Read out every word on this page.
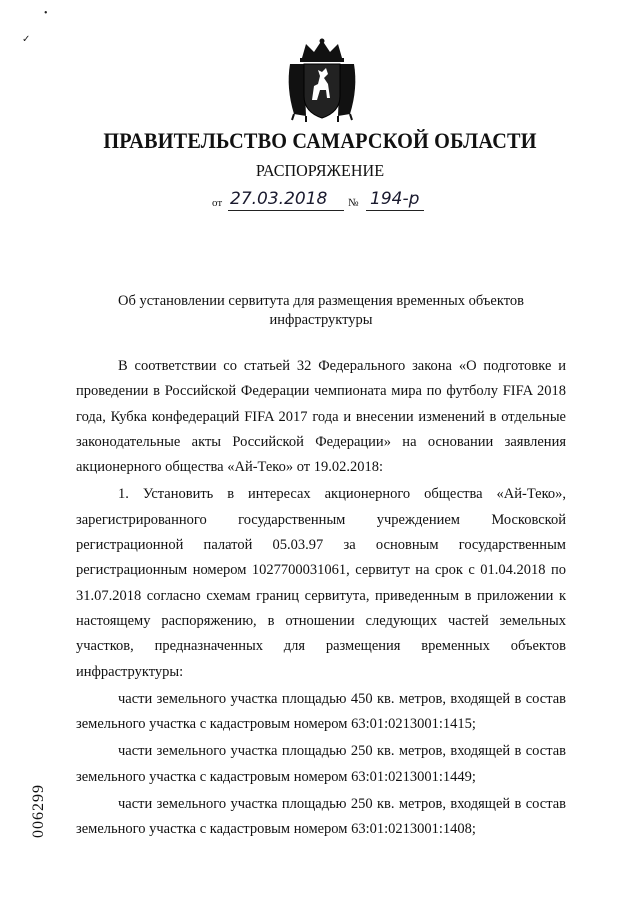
•
✓
ПРАВИТЕЛЬСТВО САМАРСКОЙ ОБЛАСТИ
РАСПОРЯЖЕНИЕ
от 27.03.2018 № 194-р
Об установлении сервитута для размещения временных объектов инфраструктуры

В соответствии со статьей 32 Федерального закона «О подготовке и проведении в Российской Федерации чемпионата мира по футболу FIFA 2018 года, Кубка конфедераций FIFA 2017 года и внесении изменений в отдельные законодательные акты Российской Федерации» на основании заявления акционерного общества «Ай-Теко» от 19.02.2018:

1. Установить в интересах акционерного общества «Ай-Теко», зарегистрированного государственным учреждением Московской регистрационной палатой 05.03.97 за основным государственным регистрационным номером 1027700031061, сервитут на срок с 01.04.2018 по 31.07.2018 согласно схемам границ сервитута, приведенным в приложении к настоящему распоряжению, в отношении следующих частей земельных участков, предназначенных для размещения временных объектов инфраструктуры:

части земельного участка площадью 450 кв. метров, входящей в состав земельного участка с кадастровым номером 63:01:0213001:1415;

части земельного участка площадью 250 кв. метров, входящей в состав земельного участка с кадастровым номером 63:01:0213001:1449;

части земельного участка площадью 250 кв. метров, входящей в состав земельного участка с кадастровым номером 63:01:0213001:1408;

006299
